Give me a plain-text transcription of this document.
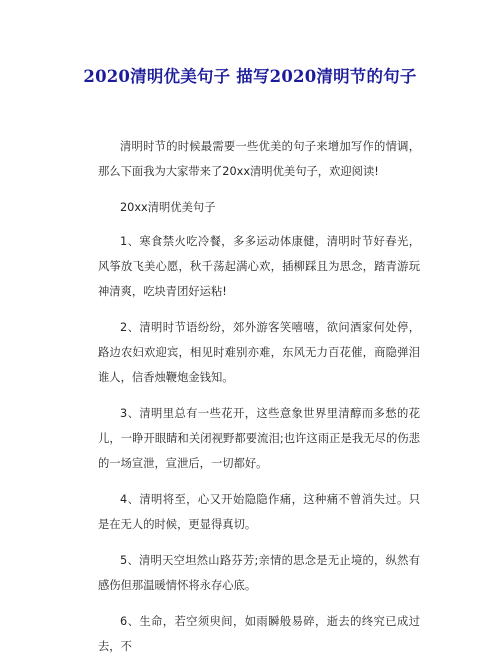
2020清明优美句子 描写2020清明节的句子

清明时节的时候最需要一些优美的句子来增加写作的情调，那么下面我为大家带来了20xx清明优美句子，欢迎阅读!

20xx清明优美句子

1、寒食禁火吃冷餐，多多运动体康健，清明时节好春光，风筝放飞美心愿，秋千荡起满心欢，插柳踩且为思念，踏青游玩神清爽，吃块青团好运粘!

2、清明时节语纷纷，郊外游客笑嘻嘻，欲问酒家何处停，路边农妇欢迎宾，相见时难别亦难，东风无力百花催，商隐弹泪谁人，信香烛鞭炮金钱知。

3、清明里总有一些花开，这些意象世界里清醇而多愁的花儿，一睁开眼睛和关闭视野都要流泪;也许这雨正是我无尽的伤悲的一场宣泄，宣泄后，一切都好。

4、清明将至，心又开始隐隐作痛，这种痛不曾消失过。只是在无人的时候，更显得真切。

5、清明天空坦然山路芬芳;亲情的思念是无止境的，纵然有感伤但那温暖情怀将永存心底。

6、生命，若空须臾间，如雨瞬般易碎，逝去的终究已成过去，不
